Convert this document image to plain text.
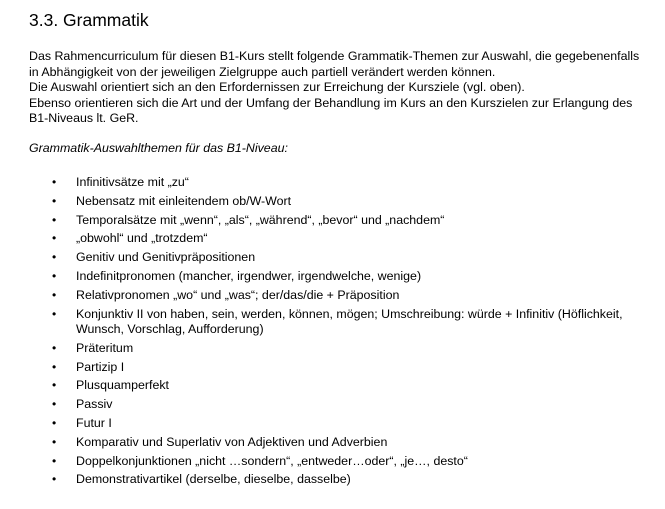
3.3. Grammatik

Das Rahmencurriculum für diesen B1-Kurs stellt folgende Grammatik-Themen zur Auswahl, die gegebenenfalls in Abhängigkeit von der jeweiligen Zielgruppe auch partiell verändert werden können.

Die Auswahl orientiert sich an den Erfordernissen zur Erreichung der Kursziele (vgl. oben).

Ebenso orientieren sich die Art und der Umfang der Behandlung im Kurs an den Kurszielen zur Erlangung des B1-Niveaus lt. GeR.

Grammatik-Auswahlthemen für das B1-Niveau:

• Infinitivsätze mit „zu“
• Nebensatz mit einleitendem ob/W-Wort
• Temporalsätze mit „wenn“, „als“, „während“, „bevor“ und „nachdem“
• „obwohl“ und „trotzdem“
• Genitiv und Genitivpräpositionen
• Indefinitpronomen (mancher, irgendwer, irgendwelche, wenige)
• Relativpronomen „wo“ und „was“; der/das/die + Präposition
• Konjunktiv II von haben, sein, werden, können, mögen; Umschreibung: würde + Infinitiv (Höflichkeit, Wunsch, Vorschlag, Aufforderung)
• Präteritum
• Partizip I
• Plusquamperfekt
• Passiv
• Futur I
• Komparativ und Superlativ von Adjektiven und Adverbien
• Doppelkonjunktionen „nicht …sondern“, „entweder…oder“, „je…, desto“
• Demonstrativartikel (derselbe, dieselbe, dasselbe)
